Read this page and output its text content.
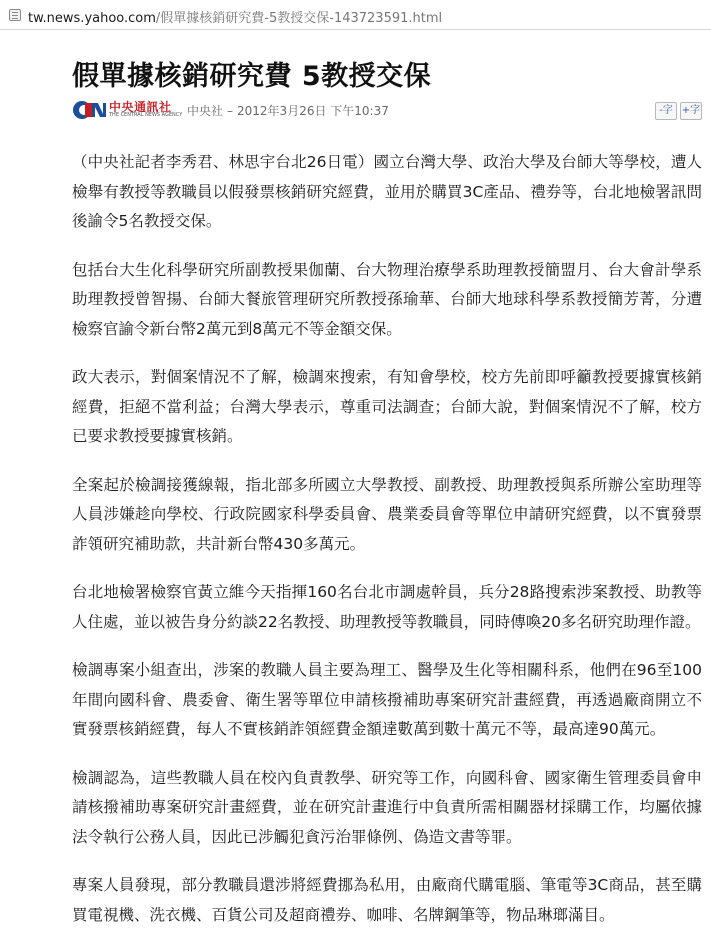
tw.news.yahoo.com/假單據核銷研究費-5教授交保-143723591.html
假單據核銷研究費 5教授交保
中央通訊社
THE CENTRAL NEWS AGENCY 中央社 – 2012年3月26日 下午10:37	-字 +字

（中央社記者李秀君、林思宇台北26日電）國立台灣大學、政治大學及台師大等學校，遭人檢舉有教授等教職員以假發票核銷研究經費，並用於購買3C產品、禮券等，台北地檢署訊問後諭令5名教授交保。

包括台大生化科學研究所副教授果伽蘭、台大物理治療學系助理教授簡盟月、台大會計學系助理教授曾智揚、台師大餐旅管理研究所教授孫瑜華、台師大地球科學系教授簡芳菁，分遭檢察官諭令新台幣2萬元到8萬元不等金額交保。

政大表示，對個案情況不了解，檢調來搜索，有知會學校，校方先前即呼籲教授要據實核銷經費，拒絕不當利益；台灣大學表示，尊重司法調查；台師大說，對個案情況不了解，校方已要求教授要據實核銷。

全案起於檢調接獲線報，指北部多所國立大學教授、副教授、助理教授與系所辦公室助理等人員涉嫌趁向學校、行政院國家科學委員會、農業委員會等單位申請研究經費，以不實發票詐領研究補助款，共計新台幣430多萬元。

台北地檢署檢察官黃立維今天指揮160名台北市調處幹員，兵分28路搜索涉案教授、助教等人住處，並以被告身分約談22名教授、助理教授等教職員，同時傳喚20多名研究助理作證。

檢調專案小組查出，涉案的教職人員主要為理工、醫學及生化等相關科系，他們在96至100年間向國科會、農委會、衛生署等單位申請核撥補助專案研究計畫經費，再透過廠商開立不實發票核銷經費，每人不實核銷詐領經費金額達數萬到數十萬元不等，最高達90萬元。

檢調認為，這些教職人員在校內負責教學、研究等工作，向國科會、國家衛生管理委員會申請核撥補助專案研究計畫經費，並在研究計畫進行中負責所需相關器材採購工作，均屬依據法令執行公務人員，因此已涉觸犯貪污治罪條例、偽造文書等罪。

專案人員發現，部分教職員還涉將經費挪為私用，由廠商代購電腦、筆電等3C商品，甚至購買電視機、洗衣機、百貨公司及超商禮券、咖啡、名牌鋼筆等，物品琳瑯滿目。
